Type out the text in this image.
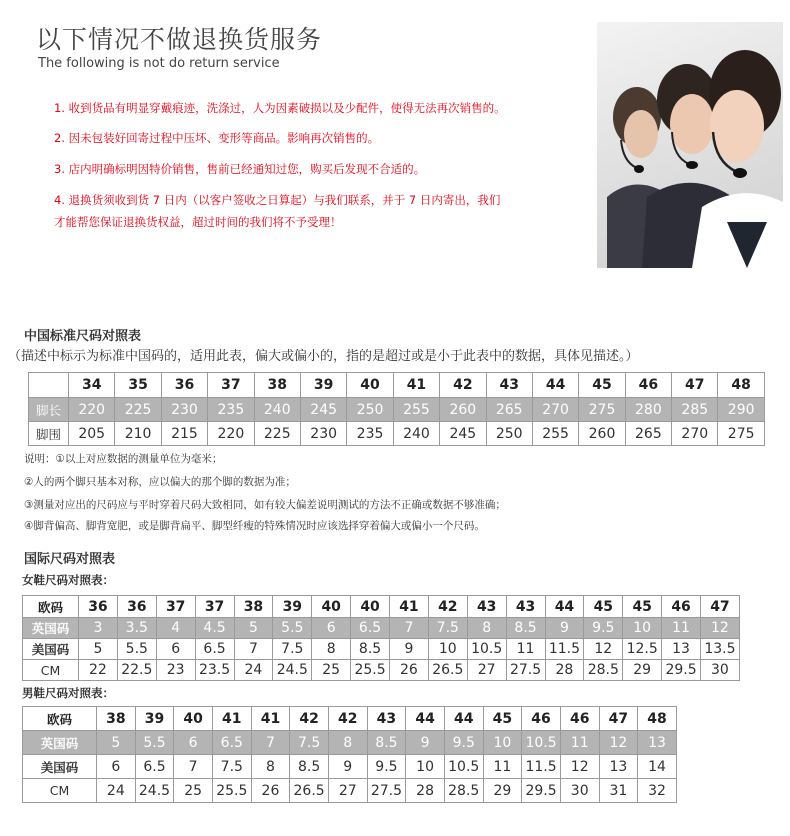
以下情况不做退换货服务
The following is not do return service
1. 收到货品有明显穿戴痕迹，洗涤过，人为因素破损以及少配件，使得无法再次销售的。
2. 因未包装好回寄过程中压坏、变形等商品。影响再次销售的。
3. 店内明确标明因特价销售，售前已经通知过您，购买后发现不合适的。
4. 退换货须收到货 7 日内（以客户签收之日算起）与我们联系，并于 7 日内寄出，我们
才能帮您保证退换货权益，超过时间的我们将不予受理！
中国标准尺码对照表
（描述中标示为标准中国码的，适用此表，偏大或偏小的，指的是超过或是小于此表中的数据，具体见描述。）
	34	35	36	37	38	39	40	41	42	43	44	45	46	47	48
脚长	220	225	230	235	240	245	250	255	260	265	270	275	280	285	290
脚围	205	210	215	220	225	230	235	240	245	250	255	260	265	270	275
说明：①以上对应数据的测量单位为毫米；
②人的两个脚只基本对称，应以偏大的那个脚的数据为准；
③测量对应出的尺码应与平时穿着尺码大致相同，如有较大偏差说明测试的方法不正确或数据不够准确；
④脚背偏高、脚背宽肥，或是脚背扁平、脚型纤瘦的特殊情况时应该选择穿着偏大或偏小一个尺码。
国际尺码对照表
女鞋尺码对照表：
欧码	36	36	37	37	38	39	40	40	41	42	43	43	44	45	45	46	47
英国码	3	3.5	4	4.5	5	5.5	6	6.5	7	7.5	8	8.5	9	9.5	10	11	12
美国码	5	5.5	6	6.5	7	7.5	8	8.5	9	10	10.5	11	11.5	12	12.5	13	13.5
CM	22	22.5	23	23.5	24	24.5	25	25.5	26	26.5	27	27.5	28	28.5	29	29.5	30
男鞋尺码对照表：
欧码	38	39	40	41	41	42	42	43	44	44	45	46	46	47	48
英国码	5	5.5	6	6.5	7	7.5	8	8.5	9	9.5	10	10.5	11	12	13
美国码	6	6.5	7	7.5	8	8.5	9	9.5	10	10.5	11	11.5	12	13	14
CM	24	24.5	25	25.5	26	26.5	27	27.5	28	28.5	29	29.5	30	31	32
